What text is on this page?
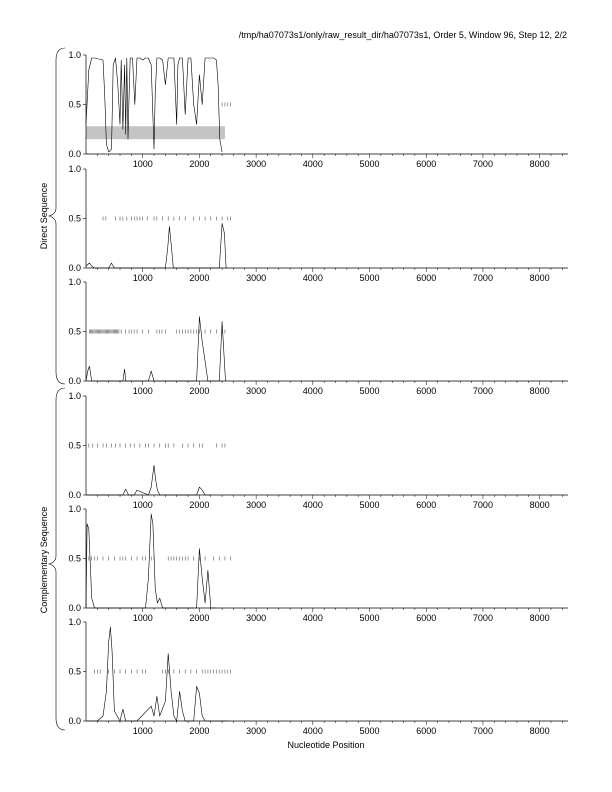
/tmp/ha07073s1/only/raw_result_dir/ha07073s1, Order 5, Window 96, Step 12, 2/2
0.0
0.5
1.0
1000	2000	3000	4000	5000	6000	7000	8000
0.0
0.5
1.0
1000	2000	3000	4000	5000	6000	7000	8000
0.0
0.5
1.0
1000	2000	3000	4000	5000	6000	7000	8000
0.0
0.5
1.0
1000	2000	3000	4000	5000	6000	7000	8000
0.0
0.5
1.0
1000	2000	3000	4000	5000	6000	7000	8000
0.0
0.5
1.0
1000	2000	3000	4000	5000	6000	7000	8000
Direct Sequence
Complementary Sequence
Nucleotide Position
